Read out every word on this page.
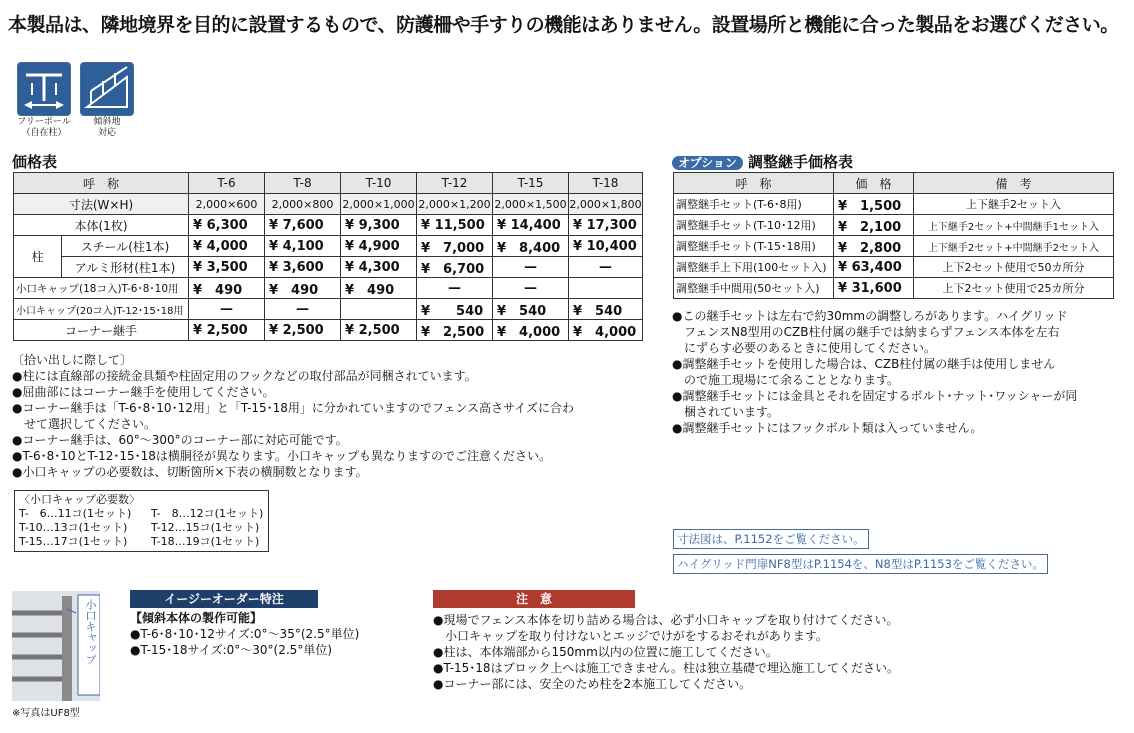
本製品は、隣地境界を目的に設置するもので、防護柵や手すりの機能はありません。設置場所と機能に合った製品をお選びください。
フリーポール
（自在柱）
傾斜地
対応
価格表
呼　称		T-6	T-8	T-10	T-12	T-15	T-18
寸法(W×H)		2,000×600	2,000×800	2,000×1,000	2,000×1,200	2,000×1,500	2,000×1,800
本体(1枚)		¥ 6,300	¥ 7,600	¥ 9,300	¥ 11,500	¥ 14,400	¥ 17,300
柱	スチール(柱1本)	¥ 4,000	¥ 4,100	¥ 4,900	¥　7,000	¥　8,400	¥ 10,400
	アルミ形材(柱1本)	¥ 3,500	¥ 3,600	¥ 4,300	¥　6,700	—	—
小口キャップ(18コ入)T-6･8･10用		¥　490	¥　490	¥　490	—	—	
小口キャップ(20コ入)T-12･15･18用		—	—		¥　　540	¥　540	¥　540
コーナー継手		¥ 2,500	¥ 2,500	¥ 2,500	¥　2,500	¥　4,000	¥　4,000

〔拾い出しに際して〕

●柱には直線部の接続金具類や柱固定用のフックなどの取付部品が同梱されています。

●屈曲部にはコーナー継手を使用してください。

●コーナー継手は「T-6･8･10･12用」と「T-15･18用」に分かれていますのでフェンス高さサイズに合わ

　せて選択してください。

●コーナー継手は、60°〜300°のコーナー部に対応可能です。

●T-6･8･10とT-12･15･18は横胴径が異なります。小口キャップも異なりますのでご注意ください。

●小口キャップの必要数は、切断箇所×下表の横胴数となります。

〈小口キャップ必要数〉
T-　6…11コ(1セット)	T-　8…12コ(1セット)
T-10…13コ(1セット)	T-12…15コ(1セット)
T-15…17コ(1セット)	T-18…19コ(1セット)
オプション 調整継手価格表
呼　称	価　格	備　考
調整継手セット(T-6･8用)	¥　1,500	上下継手2セット入
調整継手セット(T-10･12用)	¥　2,100	上下継手2セット+中間継手1セット入
調整継手セット(T-15･18用)	¥　2,800	上下継手2セット+中間継手2セット入
調整継手上下用(100セット入)	¥ 63,400	上下2セット使用で50カ所分
調整継手中間用(50セット入)	¥ 31,600	上下2セット使用で25カ所分

●この継手セットは左右で約30mmの調整しろがあります。ハイグリッド

　フェンスN8型用のCZB柱付属の継手では納まらずフェンス本体を左右

　にずらす必要のあるときに使用してください。

●調整継手セットを使用した場合は、CZB柱付属の継手は使用しません

　ので施工現場にて余ることとなります。

●調整継手セットには金具とそれを固定するボルト･ナット･ワッシャーが同

　梱されています。

●調整継手セットにはフックボルト類は入っていません。

寸法図は、P.1152をご覧ください。
ハイグリッド門扉NF8型はP.1154を、N8型はP.1153をご覧ください。
小口キャップ
※写真はUF8型
イージーオーダー特注

【傾斜本体の製作可能】

●T-6･8･10･12サイズ:0°〜35°(2.5°単位)

●T-15･18サイズ:0°〜30°(2.5°単位)

注　意

●現場でフェンス本体を切り詰める場合は、必ず小口キャップを取り付けてください。

　小口キャップを取り付けないとエッジでけがをするおそれがあります。

●柱は、本体端部から150mm以内の位置に施工してください。

●T-15･18はブロック上へは施工できません。柱は独立基礎で埋込施工してください。

●コーナー部には、安全のため柱を2本施工してください。
